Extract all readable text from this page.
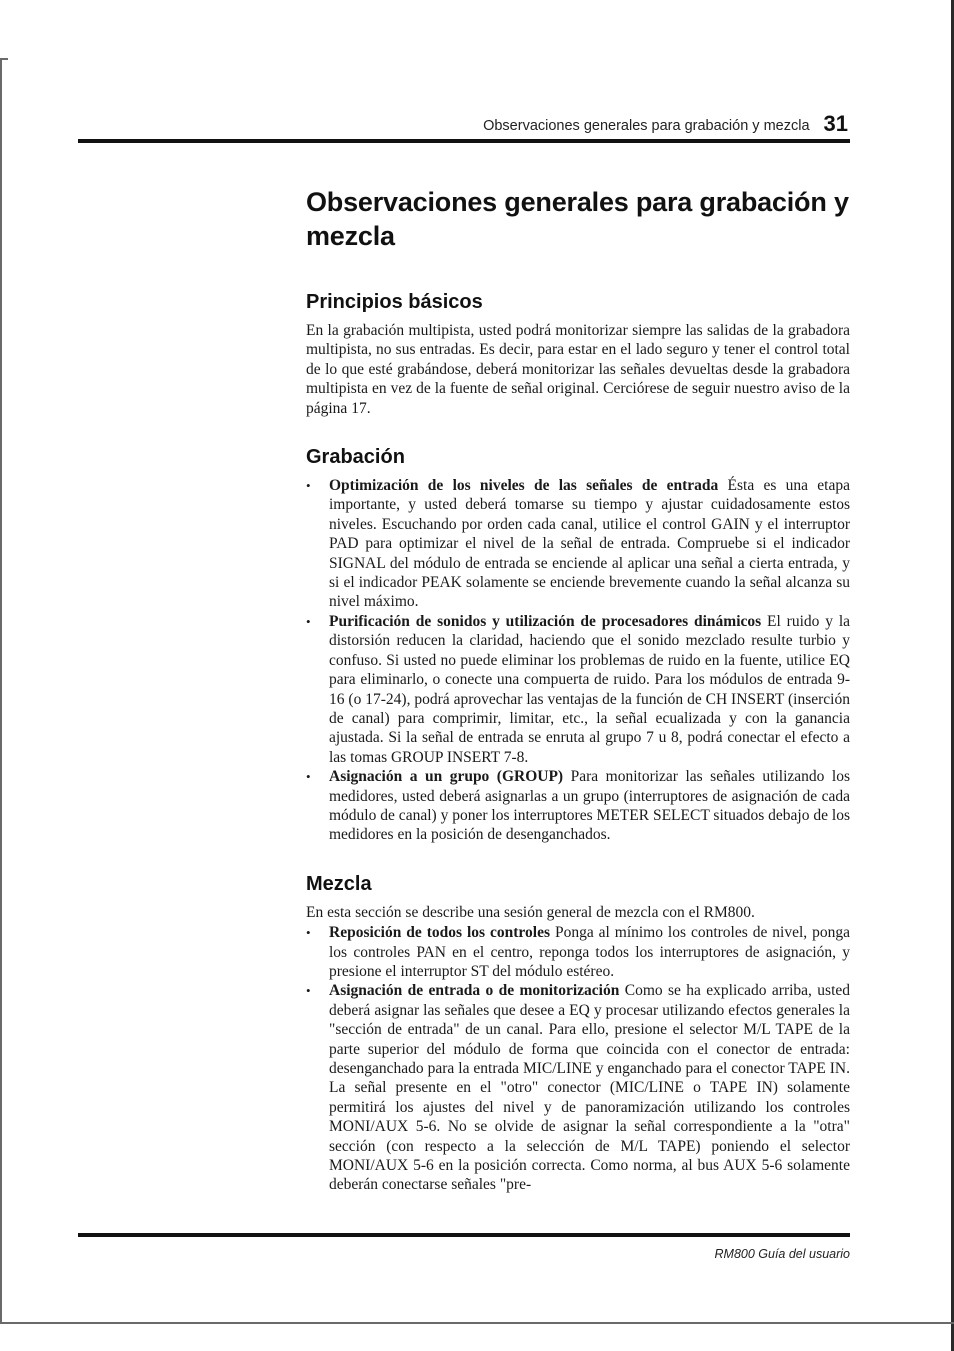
Observaciones generales para grabación y mezcla 31
Observaciones generales para grabación y mezcla
Principios básicos

En la grabación multipista, usted podrá monitorizar siempre las salidas de la grabadora multipista, no sus entradas. Es decir, para estar en el lado seguro y tener el control total de lo que esté grabándose, deberá monitorizar las señales devueltas desde la grabadora multipista en vez de la fuente de señal original. Cerciórese de seguir nuestro aviso de la página 17.

Grabación
• Optimización de los niveles de las señales de entrada Ésta es una etapa importante, y usted deberá tomarse su tiempo y ajustar cuidadosamente estos niveles. Escuchando por orden cada canal, utilice el control GAIN y el interruptor PAD para optimizar el nivel de la señal de entrada. Compruebe si el indicador SIGNAL del módulo de entrada se enciende al aplicar una señal a cierta entrada, y si el indicador PEAK solamente se enciende brevemente cuando la señal alcanza su nivel máximo.
• Purificación de sonidos y utilización de procesadores dinámicos El ruido y la distorsión reducen la claridad, haciendo que el sonido mezclado resulte turbio y confuso. Si usted no puede eliminar los problemas de ruido en la fuente, utilice EQ para eliminarlo, o conecte una compuerta de ruido. Para los módulos de entrada 9-16 (o 17-24), podrá aprovechar las ventajas de la función de CH INSERT (inserción de canal) para comprimir, limitar, etc., la señal ecualizada y con la ganancia ajustada. Si la señal de entrada se enruta al grupo 7 u 8, podrá conectar el efecto a las tomas GROUP INSERT 7-8.
• Asignación a un grupo (GROUP) Para monitorizar las señales utilizando los medidores, usted deberá asignarlas a un grupo (interruptores de asignación de cada módulo de canal) y poner los interruptores METER SELECT situados debajo de los medidores en la posición de desenganchados.
Mezcla

En esta sección se describe una sesión general de mezcla con el RM800.

• Reposición de todos los controles Ponga al mínimo los controles de nivel, ponga los controles PAN en el centro, reponga todos los interruptores de asignación, y presione el interruptor ST del módulo estéreo.
• Asignación de entrada o de monitorización Como se ha explicado arriba, usted deberá asignar las señales que desee a EQ y procesar utilizando efectos generales la "sección de entrada" de un canal. Para ello, presione el selector M/L TAPE de la parte superior del módulo de forma que coincida con el conector de entrada: desenganchado para la entrada MIC/LINE y enganchado para el conector TAPE IN. La señal presente en el "otro" conector (MIC/LINE o TAPE IN) solamente permitirá los ajustes del nivel y de panoramización utilizando los controles MONI/AUX 5-6. No se olvide de asignar la señal correspondiente a la "otra" sección (con respecto a la selección de M/L TAPE) poniendo el selector MONI/AUX 5-6 en la posición correcta. Como norma, al bus AUX 5-6 solamente deberán conectarse señales "pre-
RM800 Guía del usuario
